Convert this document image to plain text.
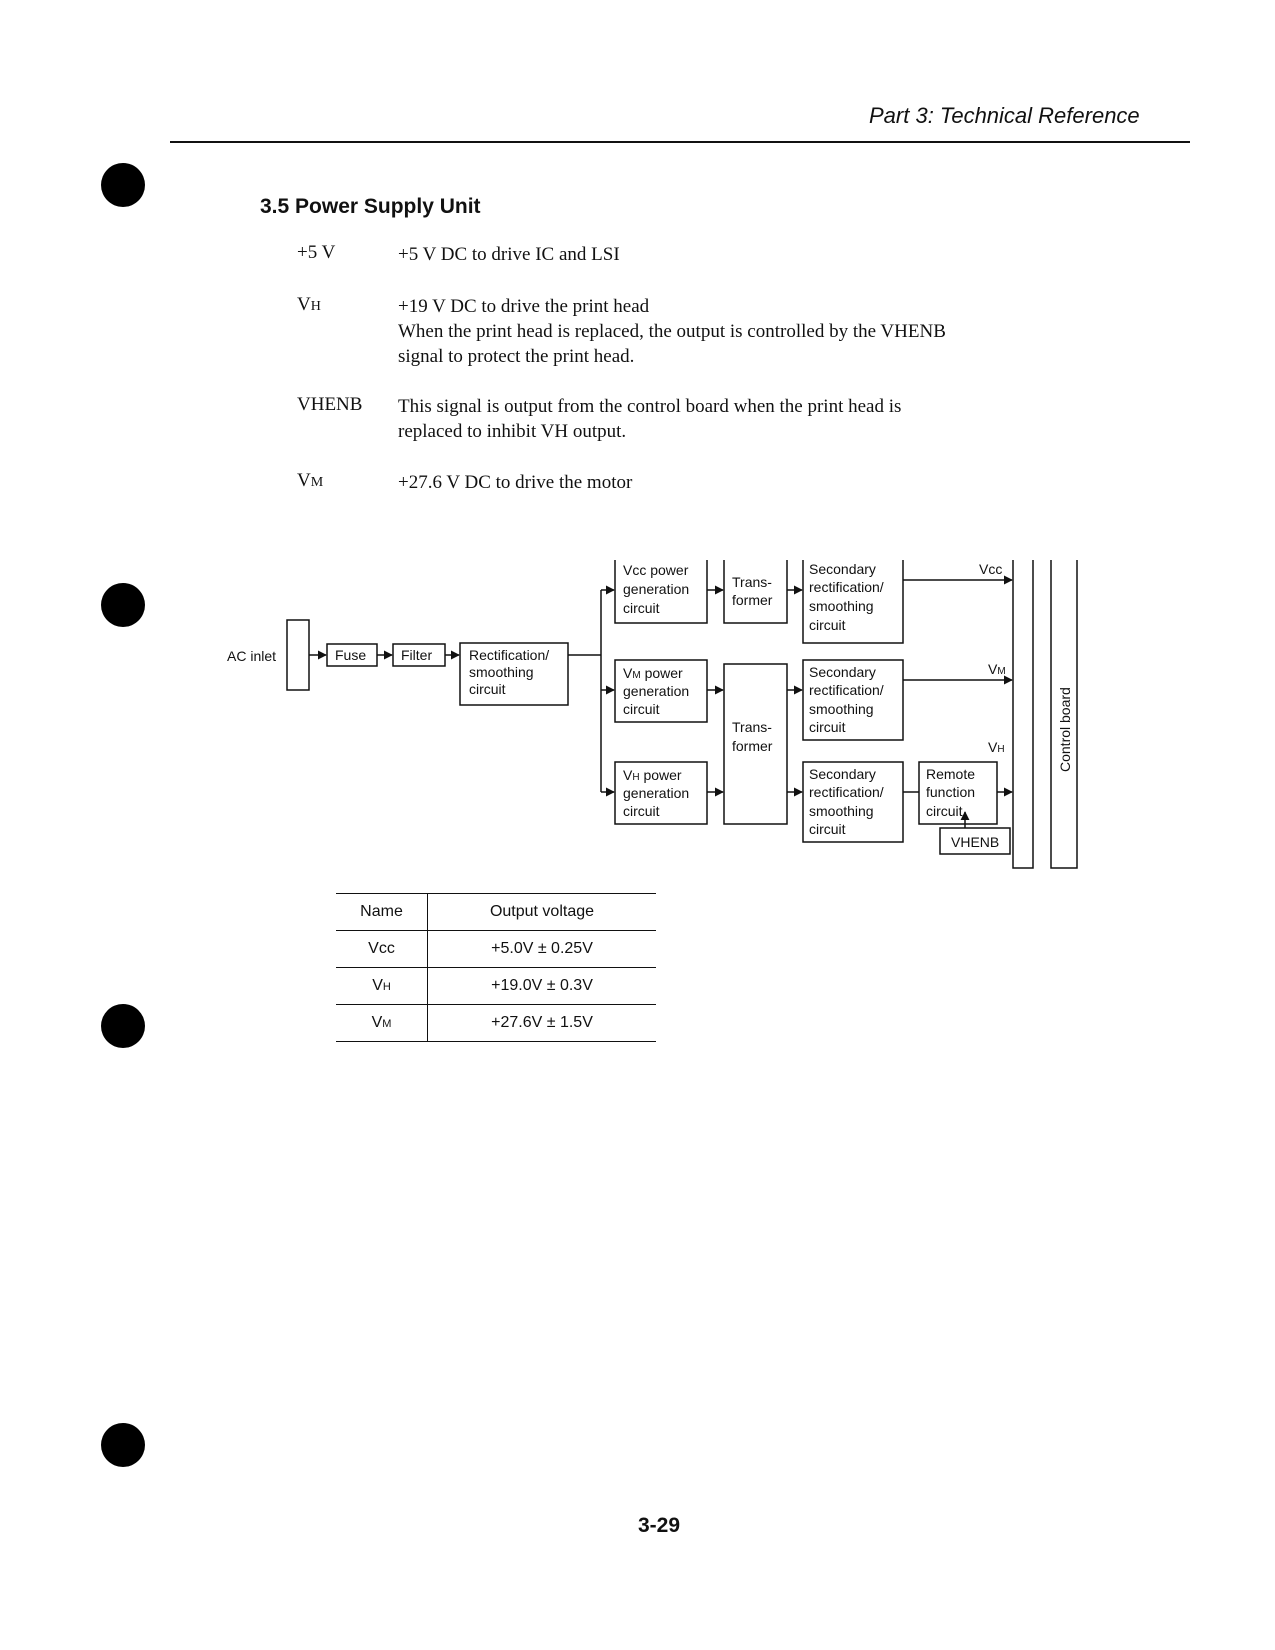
Part 3: Technical Reference
3.5 Power Supply Unit
+5 V	+5 V DC to drive IC and LSI
VH	+19 V DC to drive the print head
When the print head is replaced, the output is controlled by the VHENB
signal to protect the print head.
VHENB This signal is output from the control board when the print head is
replaced to inhibit VH output.
VM	+27.6 V DC to drive the motor
AC inlet	Fuse Filter	Rectification/
smoothing
circuit
Vcc power
generation
circuit
VM power
generation
circuit
VH power
generation
circuit
Trans-
former
Trans-
former
Secondary
rectification/
smoothing
circuit
Secondary
rectification/
smoothing
circuit
Secondary
rectification/
smoothing
circuit
Remote
function
circuit
VHENB
Vcc
VM
VH	Control board
Name	Output voltage
Vcc	+5.0V ± 0.25V
VH	+19.0V ± 0.3V
VM	+27.6V ± 1.5V
3-29
